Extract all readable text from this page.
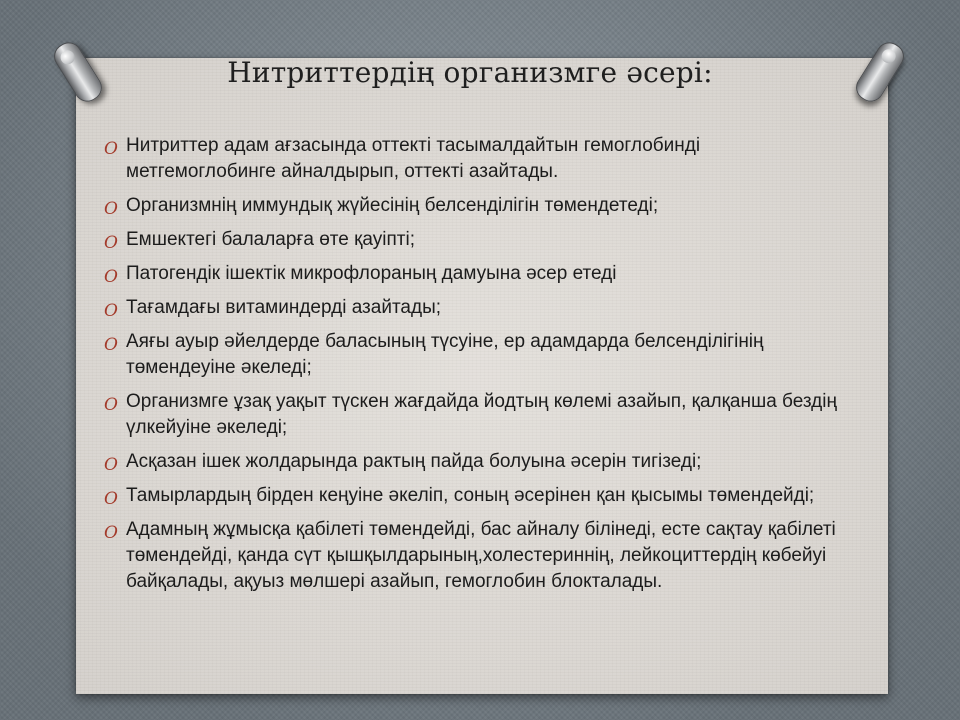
Нитриттердің организмге әсері:
O Нитриттер адам ағзасында оттекті тасымалдайтын гемоглобинді метгемоглобинге айналдырып, оттекті азайтады.
O Организмнің иммундық жүйесінің белсенділігін төмендетеді;
O Емшектегі балаларға өте қауіпті;
O Патогендік ішектік микрофлораның дамуына әсер етеді
O Тағамдағы витаминдерді азайтады;
O Аяғы ауыр әйелдерде баласының түсуіне, ер адамдарда белсенділігінің төмендеуіне әкеледі;
O Организмге ұзақ уақыт түскен жағдайда йодтың көлемі азайып, қалқанша бездің үлкейуіне әкеледі;
O Асқазан ішек жолдарында рактың пайда болуына әсерін тигізеді;
O Тамырлардың бірден кеңуіне әкеліп, соның әсерінен қан қысымы төмендейді;
O Адамның жұмысқа қабілеті төмендейді, бас айналу білінеді, есте сақтау қабілеті төмендейді, қанда сүт қышқылдарының,холестериннің, лейкоциттердің көбейуі байқалады, ақуыз мөлшері азайып, гемоглобин блокталады.
